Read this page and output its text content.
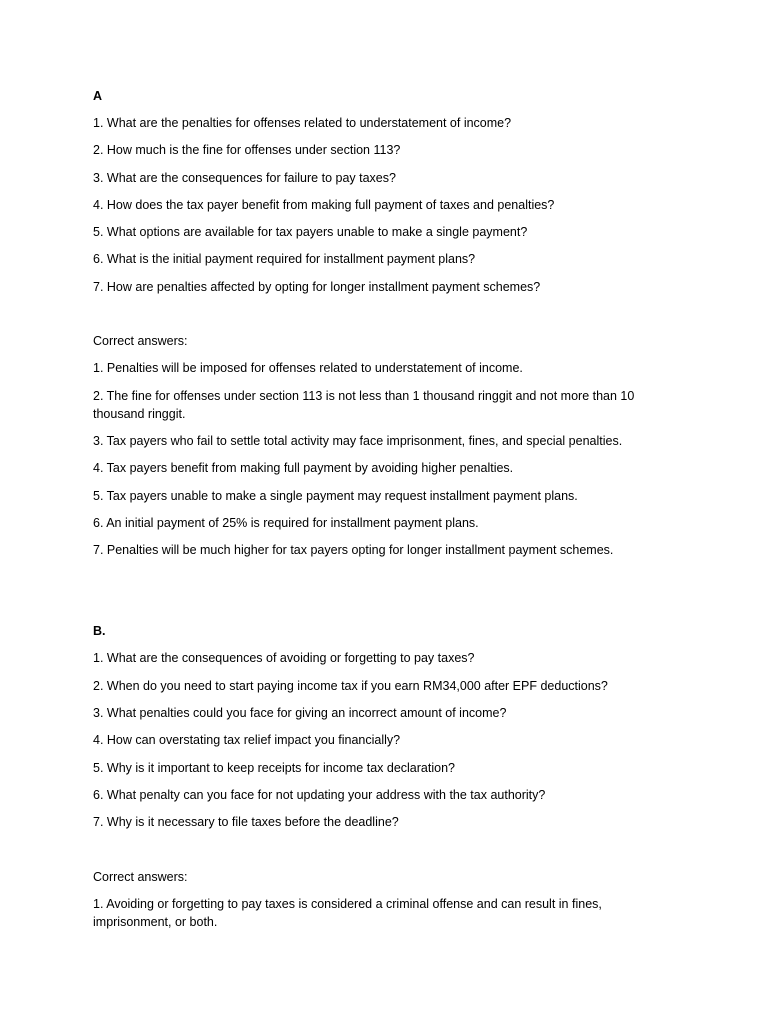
A

1. What are the penalties for offenses related to understatement of income?

2. How much is the fine for offenses under section 113?

3. What are the consequences for failure to pay taxes?

4. How does the tax payer benefit from making full payment of taxes and penalties?

5. What options are available for tax payers unable to make a single payment?

6. What is the initial payment required for installment payment plans?

7. How are penalties affected by opting for longer installment payment schemes?

Correct answers:

1. Penalties will be imposed for offenses related to understatement of income.

2. The fine for offenses under section 113 is not less than 1 thousand ringgit and not more than 10 thousand ringgit.

3. Tax payers who fail to settle total activity may face imprisonment, fines, and special penalties.

4. Tax payers benefit from making full payment by avoiding higher penalties.

5. Tax payers unable to make a single payment may request installment payment plans.

6. An initial payment of 25% is required for installment payment plans.

7. Penalties will be much higher for tax payers opting for longer installment payment schemes.

B.

1. What are the consequences of avoiding or forgetting to pay taxes?

2. When do you need to start paying income tax if you earn RM34,000 after EPF deductions?

3. What penalties could you face for giving an incorrect amount of income?

4. How can overstating tax relief impact you financially?

5. Why is it important to keep receipts for income tax declaration?

6. What penalty can you face for not updating your address with the tax authority?

7. Why is it necessary to file taxes before the deadline?

Correct answers:

1. Avoiding or forgetting to pay taxes is considered a criminal offense and can result in fines, imprisonment, or both.
